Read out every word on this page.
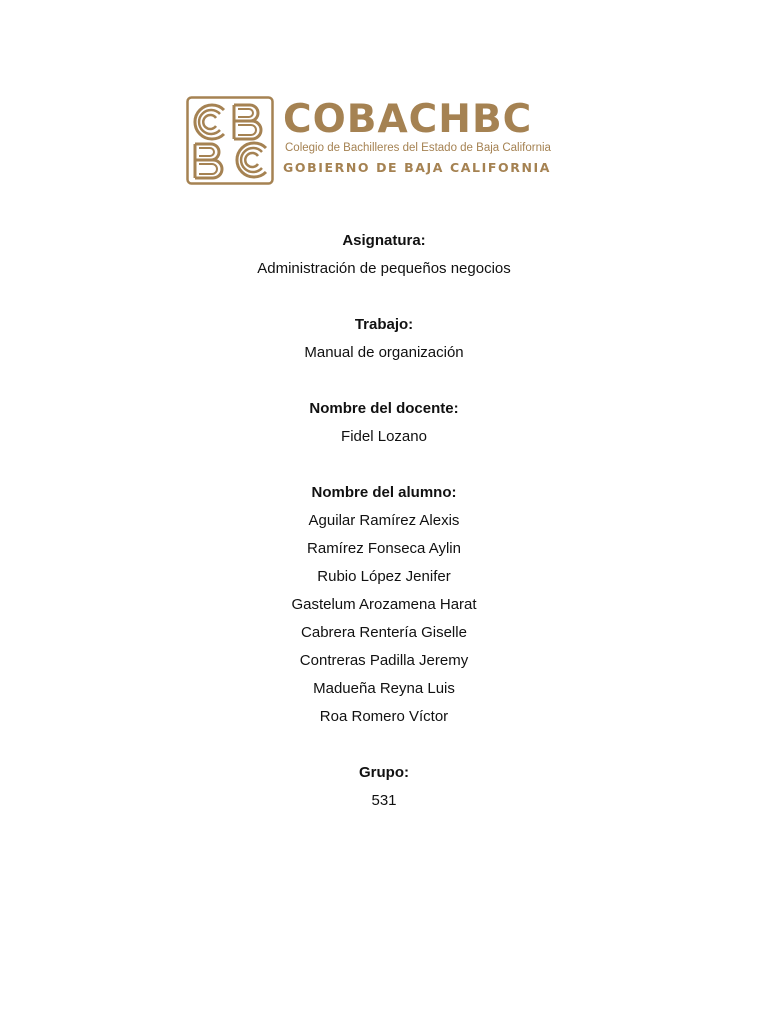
COBACHBC
Colegio de Bachilleres del Estado de Baja California
GOBIERNO DE BAJA CALIFORNIA
Asignatura:
Administración de pequeños negocios
Trabajo:
Manual de organización
Nombre del docente:
Fidel Lozano
Nombre del alumno:
Aguilar Ramírez Alexis
Ramírez Fonseca Aylin
Rubio López Jenifer
Gastelum Arozamena Harat
Cabrera Rentería Giselle
Contreras Padilla Jeremy
Madueña Reyna Luis
Roa Romero Víctor
Grupo:
531
